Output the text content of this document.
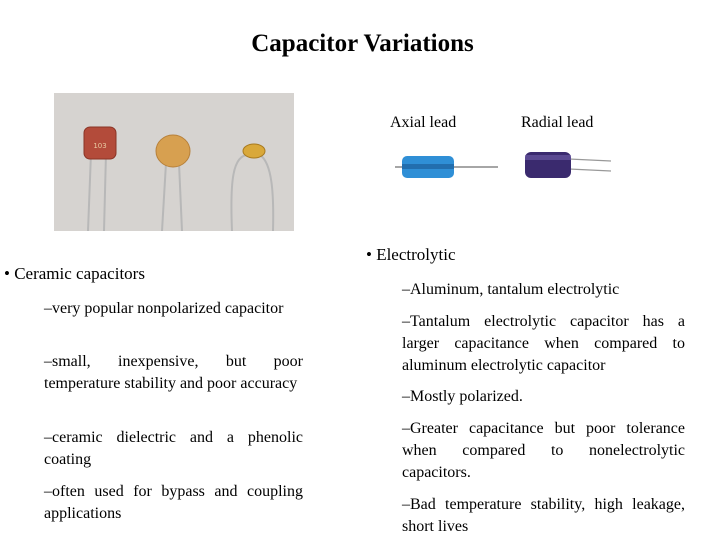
Capacitor Variations
103
Axial lead	Radial lead
• Ceramic capacitors
–very popular nonpolarized capacitor
–small, inexpensive, but poor temperature stability and poor accuracy
–ceramic dielectric and a phenolic coating
–often used for bypass and coupling applications
• Electrolytic
–Aluminum, tantalum electrolytic
–Tantalum electrolytic capacitor has a larger capacitance when compared to aluminum electrolytic capacitor
–Mostly polarized.
–Greater capacitance but poor tolerance when compared to nonelectrolytic capacitors.
–Bad temperature stability, high leakage, short lives
